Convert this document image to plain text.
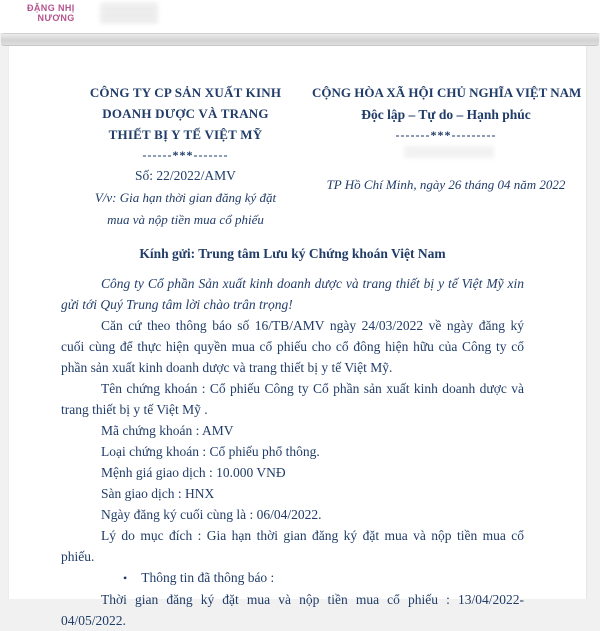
ĐẶNG NHỊ
NƯƠNG
CÔNG TY CP SẢN XUẤT KINH
DOANH DƯỢC VÀ TRANG
THIẾT BỊ Y TẾ VIỆT MỸ
------***-------
Số: 22/2022/AMV
V/v: Gia hạn thời gian đăng ký đặt
mua và nộp tiền mua cổ phiếu
CỘNG HÒA XÃ HỘI CHỦ NGHĨA VIỆT NAM
Độc lập – Tự do – Hạnh phúc
-------***---------
TP Hồ Chí Minh, ngày 26 tháng 04 năm 2022
Kính gửi: Trung tâm Lưu ký Chứng khoán Việt Nam

Công ty Cổ phần Sản xuất kinh doanh dược và trang thiết bị y tế Việt Mỹ xin gửi tới Quý Trung tâm lời chào trân trọng!

Căn cứ theo thông báo số 16/TB/AMV ngày 24/03/2022 về ngày đăng ký cuối cùng để thực hiện quyền mua cổ phiếu cho cổ đông hiện hữu của Công ty cổ phần sản xuất kinh doanh dược và trang thiết bị y tế Việt Mỹ.

Tên chứng khoán : Cổ phiếu Công ty Cổ phần sản xuất kinh doanh dược và trang thiết bị y tế Việt Mỹ .

Mã chứng khoán : AMV

Loại chứng khoán : Cổ phiếu phổ thông.

Mệnh giá giao dịch : 10.000 VNĐ

Sàn giao dịch : HNX

Ngày đăng ký cuối cùng là : 06/04/2022.

Lý do mục đích : Gia hạn thời gian đăng ký đặt mua và nộp tiền mua cổ phiếu.

• Thông tin đã thông báo :

Thời gian đăng ký đặt mua và nộp tiền mua cổ phiếu : 13/04/2022- 04/05/2022.
